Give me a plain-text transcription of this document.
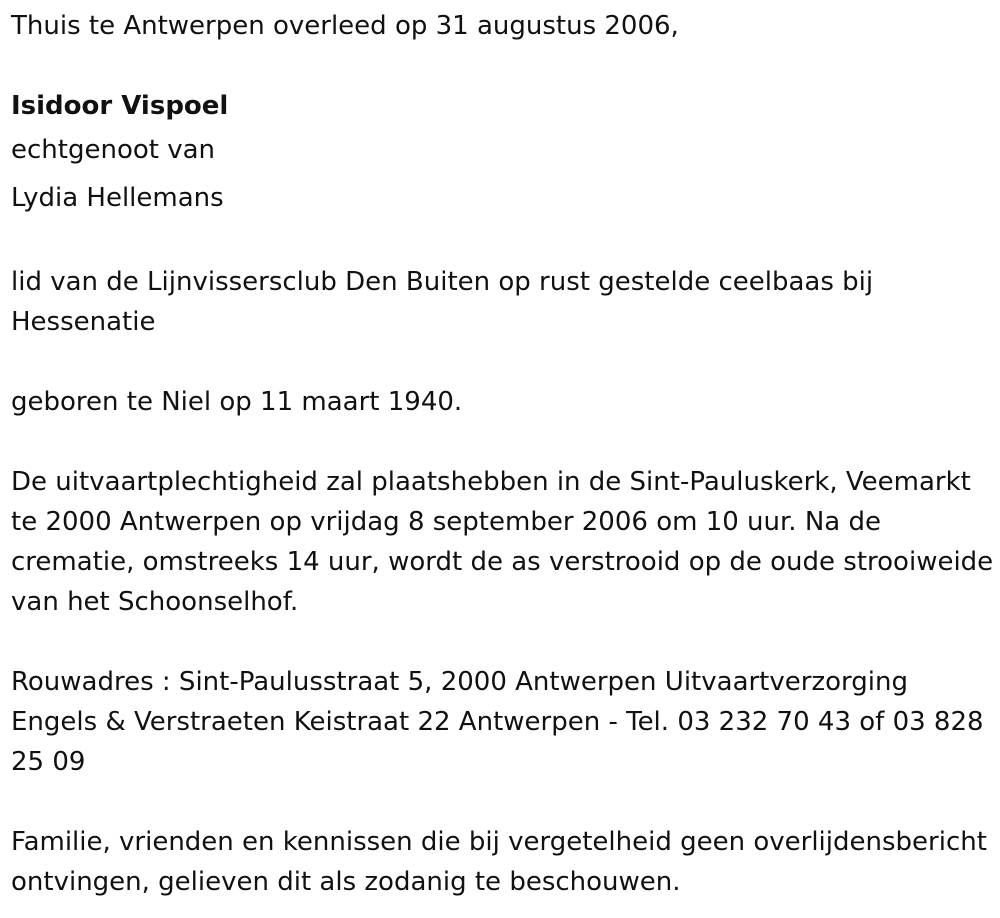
Thuis te Antwerpen overleed op 31 augustus 2006,

Isidoor Vispoel

echtgenoot van

Lydia Hellemans

lid van de Lijnvissersclub Den Buiten op rust gestelde ceelbaas bij Hessenatie

geboren te Niel op 11 maart 1940.

De uitvaartplechtigheid zal plaatshebben in de Sint-Pauluskerk, Veemarkt te 2000 Antwerpen op vrijdag 8 september 2006 om 10 uur. Na de crematie, omstreeks 14 uur, wordt de as verstrooid op de oude strooiweide van het Schoonselhof.

Rouwadres : Sint-Paulusstraat 5, 2000 Antwerpen Uitvaartverzorging Engels & Verstraeten Keistraat 22 Antwerpen - Tel. 03 232 70 43 of 03 828 25 09

Familie, vrienden en kennissen die bij vergetelheid geen overlijdensbericht ontvingen, gelieven dit als zodanig te beschouwen.
